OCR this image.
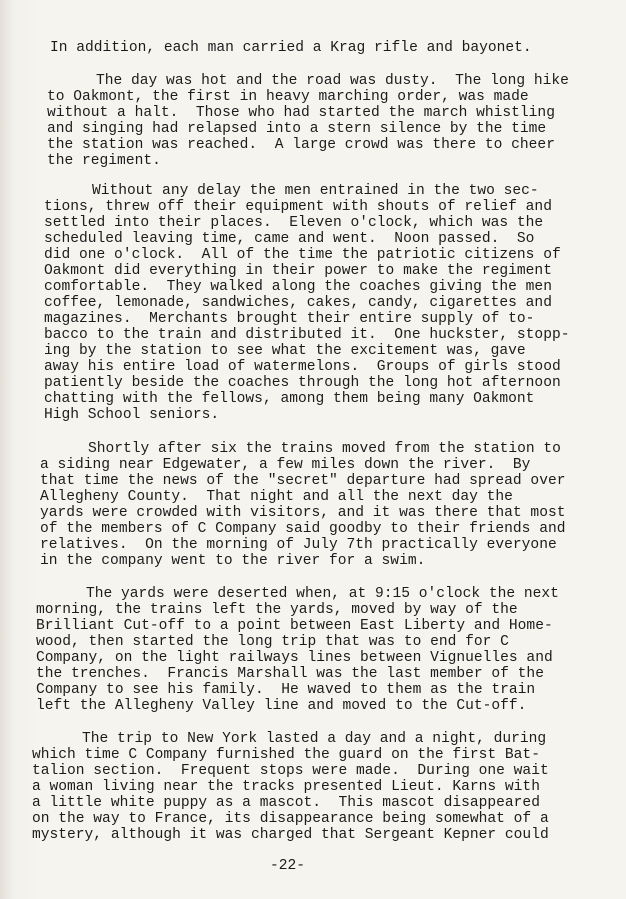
In addition, each man carried a Krag rifle and bayonet.

The day was hot and the road was dusty.  The long hike

to Oakmont, the first in heavy marching order, was made

without a halt.  Those who had started the march whistling

and singing had relapsed into a stern silence by the time

the station was reached.  A large crowd was there to cheer

the regiment.

Without any delay the men entrained in the two sec-

tions, threw off their equipment with shouts of relief and

settled into their places.  Eleven o'clock, which was the

scheduled leaving time, came and went.  Noon passed.  So

did one o'clock.  All of the time the patriotic citizens of

Oakmont did everything in their power to make the regiment

comfortable.  They walked along the coaches giving the men

coffee, lemonade, sandwiches, cakes, candy, cigarettes and

magazines.  Merchants brought their entire supply of to-

bacco to the train and distributed it.  One huckster, stopp-

ing by the station to see what the excitement was, gave

away his entire load of watermelons.  Groups of girls stood

patiently beside the coaches through the long hot afternoon

chatting with the fellows, among them being many Oakmont

High School seniors.

Shortly after six the trains moved from the station to

a siding near Edgewater, a few miles down the river.  By

that time the news of the "secret" departure had spread over

Allegheny County.  That night and all the next day the

yards were crowded with visitors, and it was there that most

of the members of C Company said goodby to their friends and

relatives.  On the morning of July 7th practically everyone

in the company went to the river for a swim.

The yards were deserted when, at 9:15 o'clock the next

morning, the trains left the yards, moved by way of the

Brilliant Cut-off to a point between East Liberty and Home-

wood, then started the long trip that was to end for C

Company, on the light railways lines between Vignuelles and

the trenches.  Francis Marshall was the last member of the

Company to see his family.  He waved to them as the train

left the Allegheny Valley line and moved to the Cut-off.

The trip to New York lasted a day and a night, during

which time C Company furnished the guard on the first Bat-

talion section.  Frequent stops were made.  During one wait

a woman living near the tracks presented Lieut. Karns with

a little white puppy as a mascot.  This mascot disappeared

on the way to France, its disappearance being somewhat of a

mystery, although it was charged that Sergeant Kepner could

-22-
